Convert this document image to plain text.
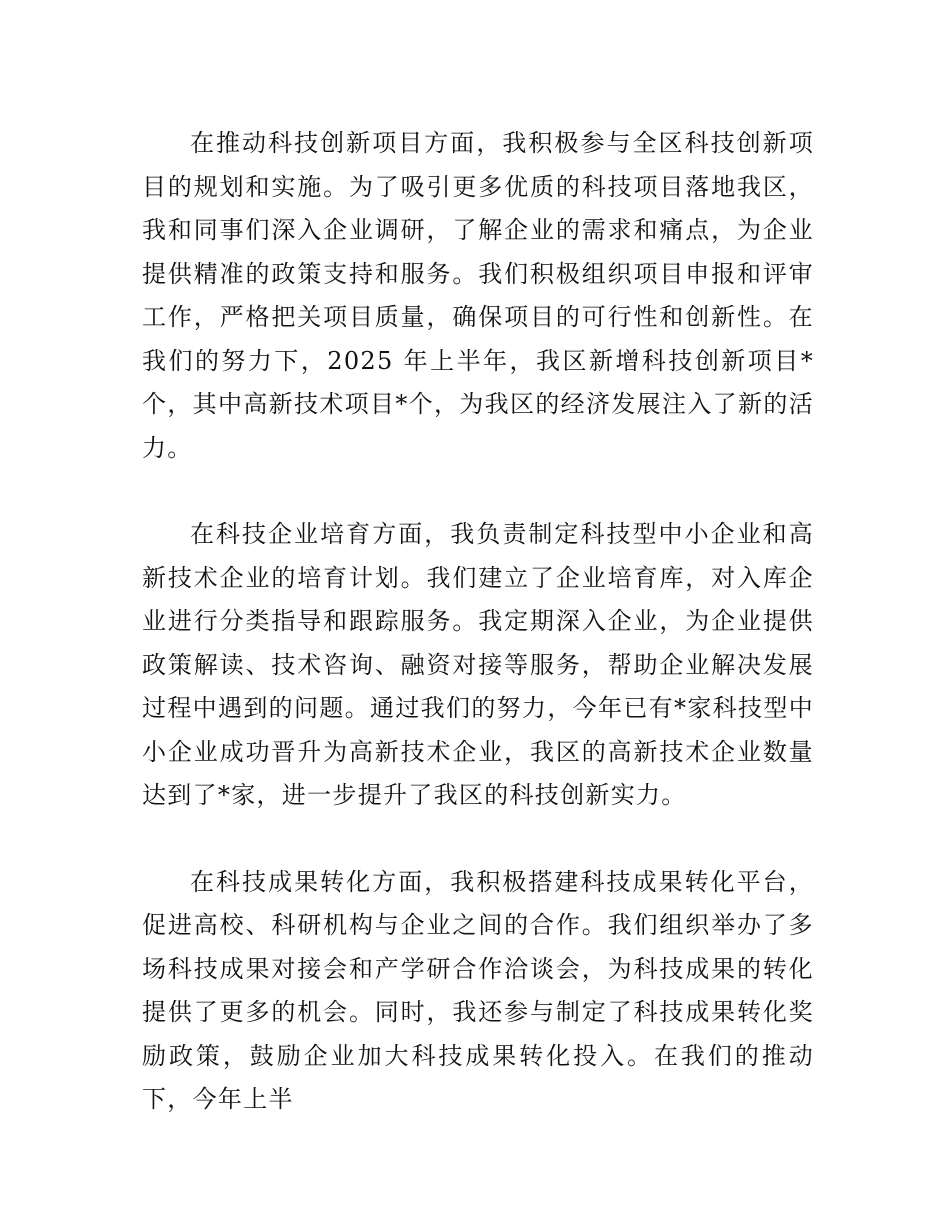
在推动科技创新项目方面，我积极参与全区科技创新项目的规划和实施。为了吸引更多优质的科技项目落地我区，我和同事们深入企业调研，了解企业的需求和痛点，为企业提供精准的政策支持和服务。我们积极组织项目申报和评审工作，严格把关项目质量，确保项目的可行性和创新性。在我们的努力下，2025 年上半年，我区新增科技创新项目*个，其中高新技术项目*个，为我区的经济发展注入了新的活力。

在科技企业培育方面，我负责制定科技型中小企业和高新技术企业的培育计划。我们建立了企业培育库，对入库企业进行分类指导和跟踪服务。我定期深入企业，为企业提供政策解读、技术咨询、融资对接等服务，帮助企业解决发展过程中遇到的问题。通过我们的努力，今年已有*家科技型中小企业成功晋升为高新技术企业，我区的高新技术企业数量达到了*家，进一步提升了我区的科技创新实力。

在科技成果转化方面，我积极搭建科技成果转化平台，促进高校、科研机构与企业之间的合作。我们组织举办了多场科技成果对接会和产学研合作洽谈会，为科技成果的转化提供了更多的机会。同时，我还参与制定了科技成果转化奖励政策，鼓励企业加大科技成果转化投入。在我们的推动下，今年上半
